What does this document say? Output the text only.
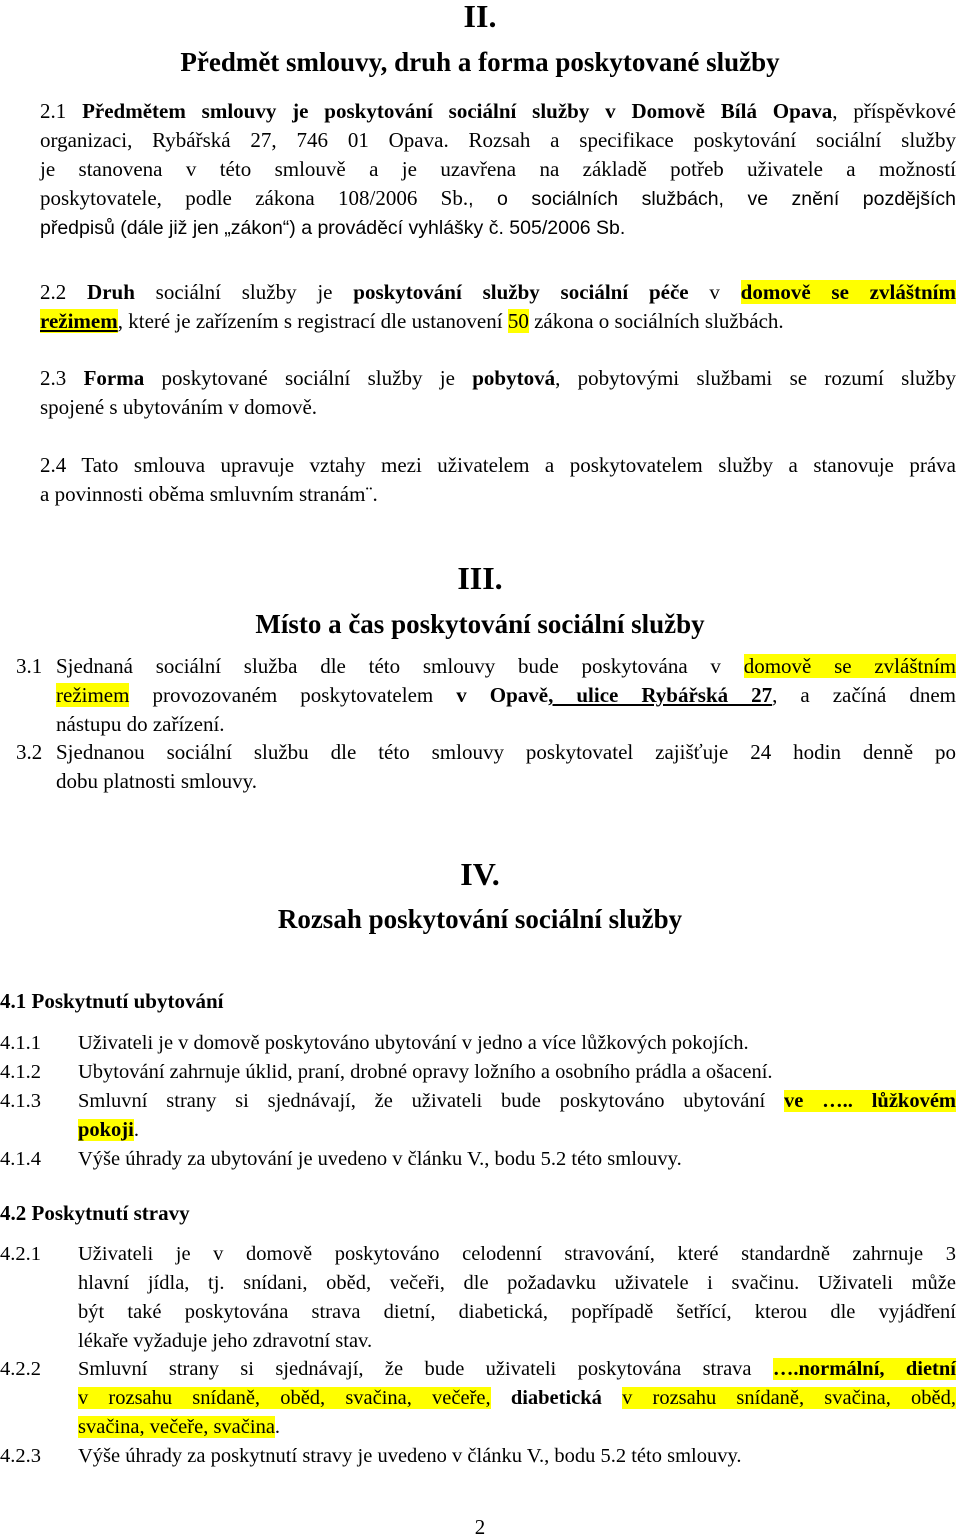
II.
Předmět smlouvy, druh a forma poskytované služby
2.1 Předmětem smlouvy je poskytování sociální služby v Domově Bílá Opava, příspěvkové
organizaci, Rybářská 27, 746 01 Opava. Rozsah a specifikace poskytování sociální služby
je stanovena v této smlouvě a je uzavřena na základě potřeb uživatele a možností
poskytovatele, podle zákona 108/2006 Sb., o sociálních službách, ve znění pozdějších
předpisů (dále již jen „zákon“) a prováděcí vyhlášky č. 505/2006 Sb.
2.2 Druh sociální služby je poskytování služby sociální péče v domově se zvláštním
režimem, které je zařízením s registrací dle ustanovení 50 zákona o sociálních službách.
2.3 Forma poskytované sociální služby je pobytová, pobytovými službami se rozumí služby
spojené s ubytováním v domově.
2.4 Tato smlouva upravuje vztahy mezi uživatelem a poskytovatelem služby a stanovuje práva
a povinnosti oběma smluvním stranám¨.
III.
Místo a čas poskytování sociální služby
3.1 Sjednaná sociální služba dle této smlouvy bude poskytována v domově se zvláštním
režimem provozovaném poskytovatelem v Opavě, ulice Rybářská 27, a začíná dnem
nástupu do zařízení.
3.2 Sjednanou sociální službu dle této smlouvy poskytovatel zajišťuje 24 hodin denně po
dobu platnosti smlouvy.
IV.
Rozsah poskytování sociální služby
4.1 Poskytnutí ubytování
4.1.1 Uživateli je v domově poskytováno ubytování v jedno a více lůžkových pokojích.
4.1.2 Ubytování zahrnuje úklid, praní, drobné opravy ložního a osobního prádla a ošacení.
4.1.3 Smluvní strany si sjednávají, že uživateli bude poskytováno ubytování ve ….. lůžkovém
pokoji.
4.1.4 Výše úhrady za ubytování je uvedeno v článku V., bodu 5.2 této smlouvy.
4.2 Poskytnutí stravy
4.2.1 Uživateli je v domově poskytováno celodenní stravování, které standardně zahrnuje 3
hlavní jídla, tj. snídani, oběd, večeři, dle požadavku uživatele i svačinu. Uživateli může
být také poskytována strava dietní, diabetická, popřípadě šetřící, kterou dle vyjádření
lékaře vyžaduje jeho zdravotní stav.
4.2.2 Smluvní strany si sjednávají, že bude uživateli poskytována strava ….normální, dietní
v rozsahu snídaně, oběd, svačina, večeře, diabetická v rozsahu snídaně, svačina, oběd,
svačina, večeře, svačina.
4.2.3 Výše úhrady za poskytnutí stravy je uvedeno v článku V., bodu 5.2 této smlouvy.
2
